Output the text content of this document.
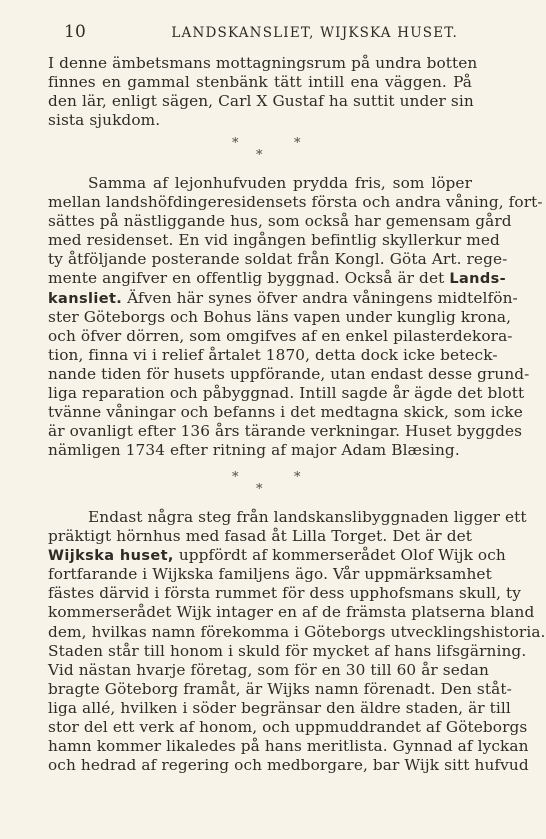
10	LANDSKANSLIET, WIJKSKA HUSET.
I denne ämbetsmans mottagningsrum på undra botten
finnes en gammal stenbänk tätt intill ena väggen. På
den lär, enligt sägen, Carl X Gustaf ha suttit under sin
sista sjukdom.
*	*
*
Samma af lejonhufvuden prydda fris, som löper
mellan landshöfdingeresidensets första och andra våning, fort-
sättes på nästliggande hus, som också har gemensam gård
med residenset. En vid ingången befintlig skyllerkur med
ty åtföljande posterande soldat från Kongl. Göta Art. rege-
mente angifver en offentlig byggnad. Också är det Lands-
kansliet. Äfven här synes öfver andra våningens midtelfön-
ster Göteborgs och Bohus läns vapen under kunglig krona,
och öfver dörren, som omgifves af en enkel pilasterdekora-
tion, finna vi i relief årtalet 1870, detta dock icke beteck-
nande tiden för husets uppförande, utan endast desse grund-
liga reparation och påbyggnad. Intill sagde år ägde det blott
tvänne våningar och befanns i det medtagna skick, som icke
är ovanligt efter 136 års tärande verkningar. Huset byggdes
nämligen 1734 efter ritning af major Adam Blæsing.
*	*
*
Endast några steg från landskanslibyggnaden ligger ett
präktigt hörnhus med fasad åt Lilla Torget. Det är det
Wijkska huset, uppfördt af kommerserådet Olof Wijk och
fortfarande i Wijkska familjens ägo. Vår uppmärksamhet
fästes därvid i första rummet för dess upphofsmans skull, ty
kommerserådet Wijk intager en af de främsta platserna bland
dem, hvilkas namn förekomma i Göteborgs utvecklingshistoria.
Staden står till honom i skuld för mycket af hans lifsgärning.
Vid nästan hvarje företag, som för en 30 till 60 år sedan
bragte Göteborg framåt, är Wijks namn förenadt. Den ståt-
liga allé, hvilken i söder begränsar den äldre staden, är till
stor del ett verk af honom, och uppmuddrandet af Göteborgs
hamn kommer likaledes på hans meritlista. Gynnad af lyckan
och hedrad af regering och medborgare, bar Wijk sitt hufvud
